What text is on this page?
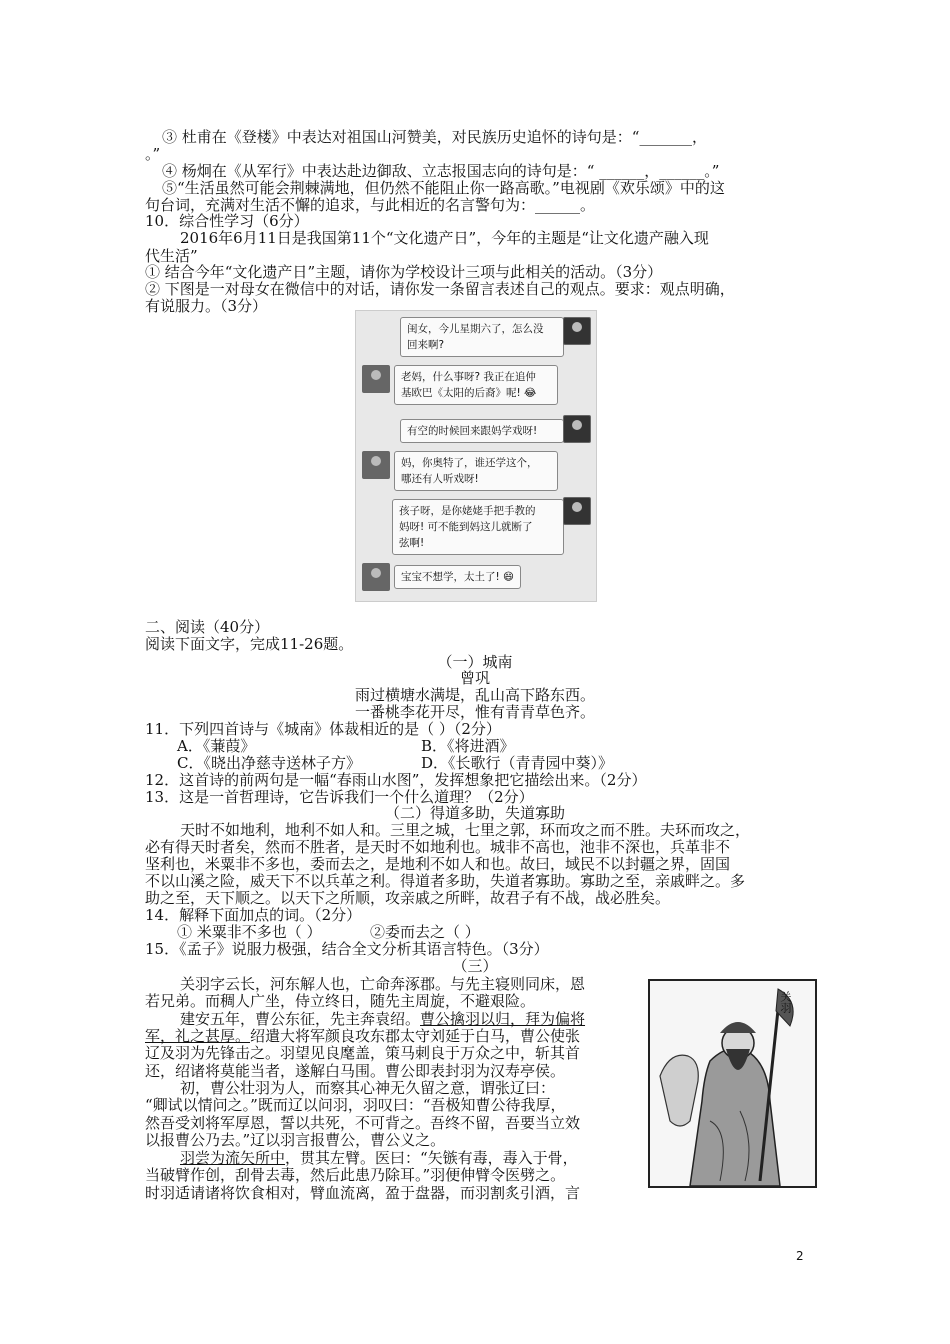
③ 杜甫在《登楼》中表达对祖国山河赞美，对民族历史追怀的诗句是：“_______，
。”
④ 杨炯在《从军行》中表达赴边御敌、立志报国志向的诗句是：“ ______，______。”
⑤“生活虽然可能会荆棘满地，但仍然不能阻止你一路高歌。”电视剧《欢乐颂》中的这
句台词，充满对生活不懈的追求，与此相近的名言警句为：______。
10．综合性学习（6分）
2016年6月11日是我国第11个“文化遗产日”，今年的主题是“让文化遗产融入现
代生活”
① 结合今年“文化遗产日”主题，请你为学校设计三项与此相关的活动。（3分）
② 下图是一对母女在微信中的对话，请你发一条留言表述自己的观点。要求：观点明确，
有说服力。（3分）
闺女，今儿星期六了，怎么没
回来啊?
老妈，什么事呀? 我正在追仲
基欧巴《太阳的后裔》呢! 😂
有空的时候回来跟妈学戏呀!
妈，你奥特了，谁还学这个，
哪还有人听戏呀!
孩子呀，是你姥姥手把手教的
妈呀! 可不能到妈这儿就断了
弦啊!
宝宝不想学，太土了! 😄
二、阅读（40分）
阅读下面文字，完成11-26题。
（一）城南
曾巩
雨过横塘水满堤，乱山高下路东西。
一番桃李花开尽，惟有青青草色齐。
11．下列四首诗与《城南》体裁相近的是（ ）（2分）
A．《蒹葭》	B．《将进酒》
C．《晓出净慈寺送林子方》	D．《长歌行（青青园中葵）》
12．这首诗的前两句是一幅“春雨山水图”，发挥想象把它描绘出来。（2分）
13．这是一首哲理诗，它告诉我们一个什么道理？（2分）
（二）得道多助，失道寡助
天时不如地利，地利不如人和。三里之城，七里之郭，环而攻之而不胜。夫环而攻之，
必有得天时者矣，然而不胜者，是天时不如地利也。城非不高也，池非不深也，兵革非不
坚利也，米粟非不多也，委而去之，是地利不如人和也。故曰，域民不以封疆之界，固国
不以山溪之险，威天下不以兵革之利。得道者多助，失道者寡助。寡助之至，亲戚畔之。多
助之至，天下顺之。以天下之所顺，攻亲戚之所畔，故君子有不战，战必胜矣。
14．解释下面加点的词。（2分）
① 米粟非不多也（ ）	②委而去之（ ）
15．《孟子》说服力极强，结合全文分析其语言特色。（3分）
（三）
关羽字云长，河东解人也，亡命奔涿郡。与先主寝则同床，恩
若兄弟。而稠人广坐，侍立终日，随先主周旋，不避艰险。
建安五年，曹公东征，先主奔袁绍。曹公擒羽以归，拜为偏将
军，礼之甚厚。绍遣大将军颜良攻东郡太守刘延于白马，曹公使张
辽及羽为先锋击之。羽望见良麾盖，策马刺良于万众之中，斩其首
还，绍诸将莫能当者，遂解白马围。曹公即表封羽为汉寿亭侯。
初，曹公壮羽为人，而察其心神无久留之意，谓张辽曰：
“卿试以情问之。”既而辽以问羽，羽叹曰：“吾极知曹公待我厚，
然吾受刘将军厚恩，誓以共死，不可背之。吾终不留，吾要当立效
以报曹公乃去。”辽以羽言报曹公，曹公义之。
羽尝为流矢所中，贯其左臂。医曰：“矢镞有毒，毒入于骨，
当破臂作创，刮骨去毒，然后此患乃除耳。”羽便伸臂令医劈之。
时羽适请诸将饮食相对，臂血流离，盈于盘器，而羽割炙引酒，言
关羽
2
